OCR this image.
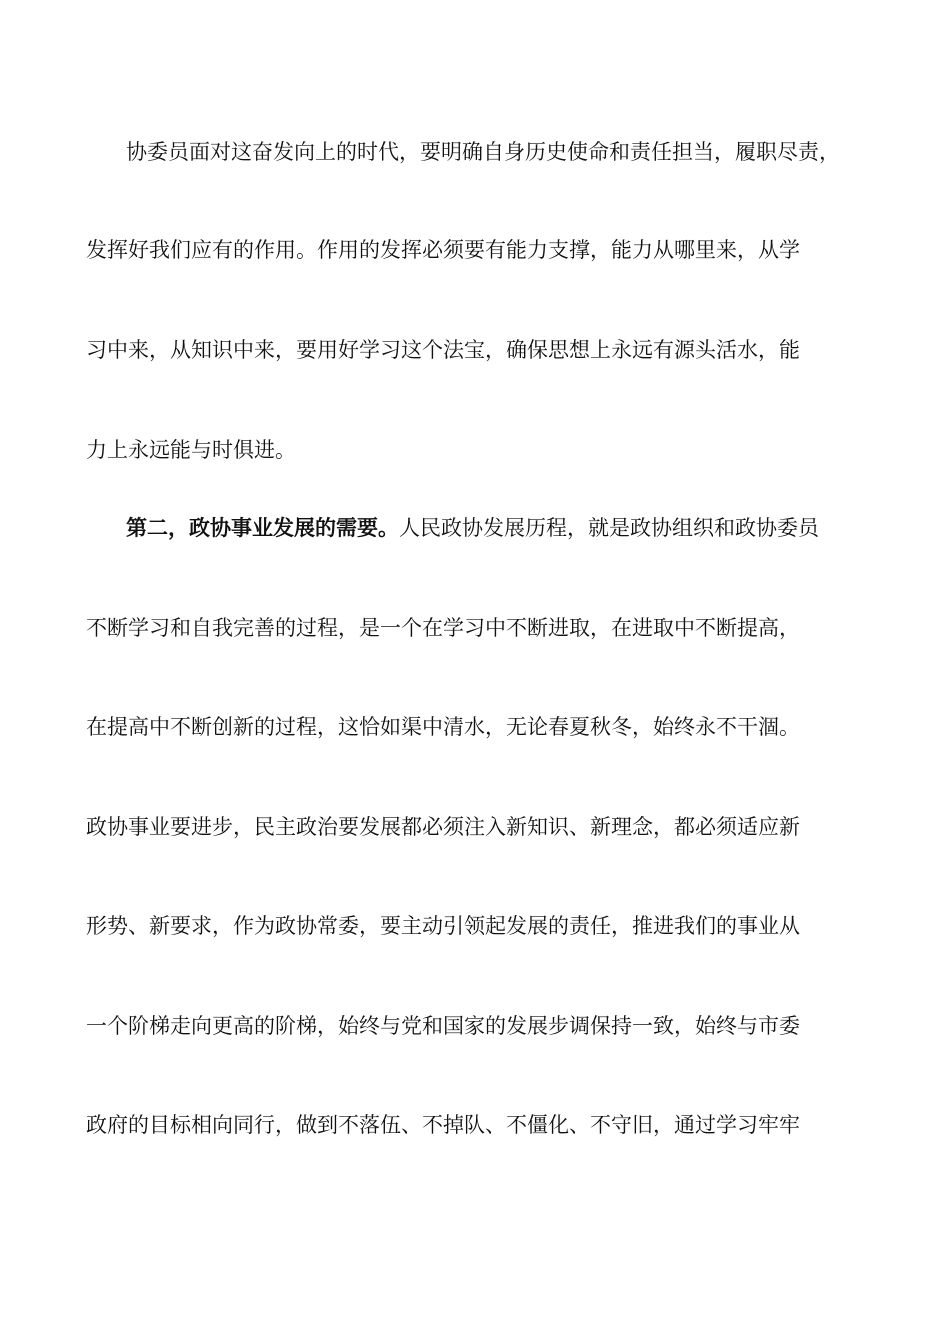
协委员面对这奋发向上的时代，要明确自身历史使命和责任担当，履职尽责，
发挥好我们应有的作用。作用的发挥必须要有能力支撑，能力从哪里来，从学
习中来，从知识中来，要用好学习这个法宝，确保思想上永远有源头活水，能
力上永远能与时俱进。
第二，政协事业发展的需要。人民政协发展历程，就是政协组织和政协委员
不断学习和自我完善的过程，是一个在学习中不断进取，在进取中不断提高，
在提高中不断创新的过程，这恰如渠中清水，无论春夏秋冬，始终永不干涸。
政协事业要进步，民主政治要发展都必须注入新知识、新理念，都必须适应新
形势、新要求，作为政协常委，要主动引领起发展的责任，推进我们的事业从
一个阶梯走向更高的阶梯，始终与党和国家的发展步调保持一致，始终与市委
政府的目标相向同行，做到不落伍、不掉队、不僵化、不守旧，通过学习牢牢
